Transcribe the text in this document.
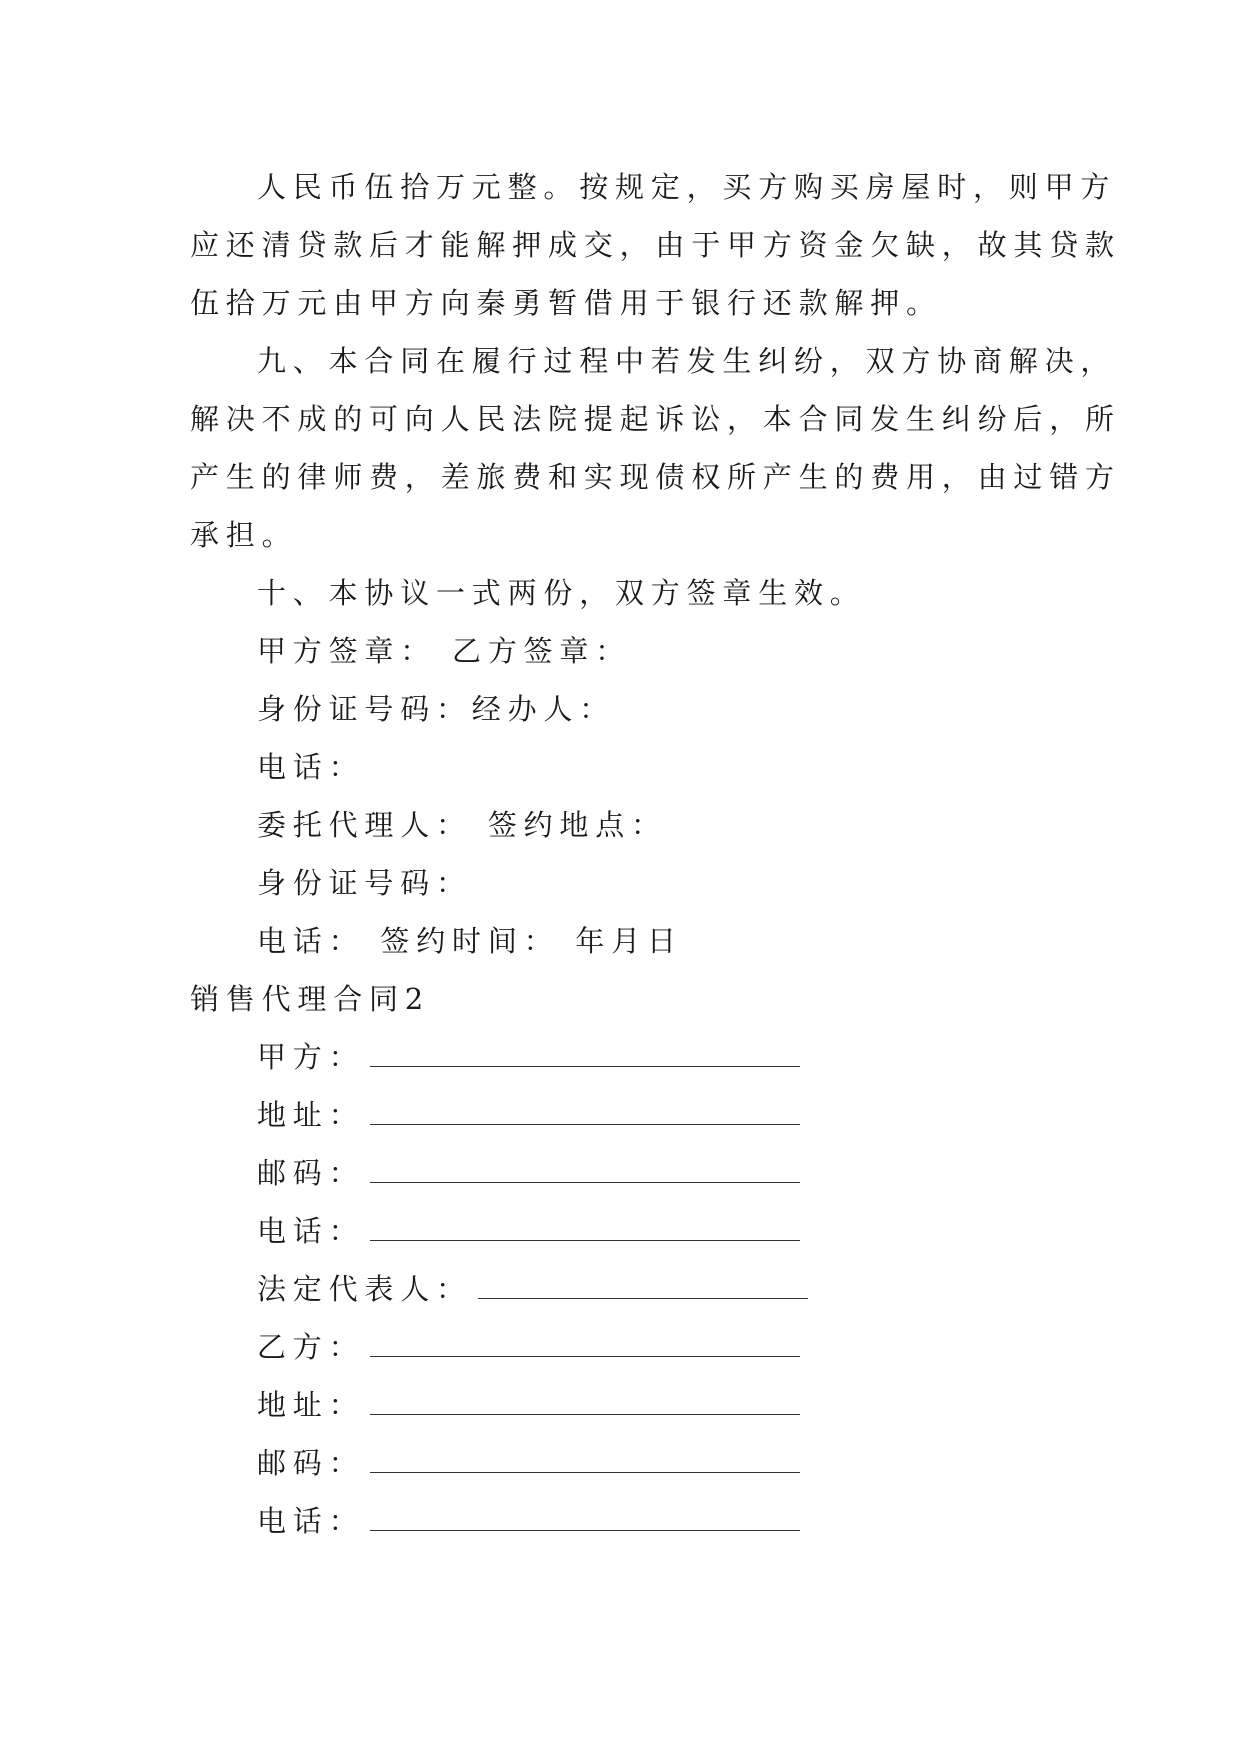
人民币伍拾万元整。按规定，买方购买房屋时，则甲方
应还清贷款后才能解押成交，由于甲方资金欠缺，故其贷款
伍拾万元由甲方向秦勇暂借用于银行还款解押。
九、本合同在履行过程中若发生纠纷，双方协商解决，
解决不成的可向人民法院提起诉讼，本合同发生纠纷后，所
产生的律师费，差旅费和实现债权所产生的费用，由过错方
承担。
十、本协议一式两份，双方签章生效。
甲方签章： 乙方签章：
身份证号码：经办人：
电话：
委托代理人： 签约地点：
身份证号码：
电话： 签约时间： 年月日
销售代理合同2
甲方：
地址：
邮码：
电话：
法定代表人：
乙方：
地址：
邮码：
电话：
